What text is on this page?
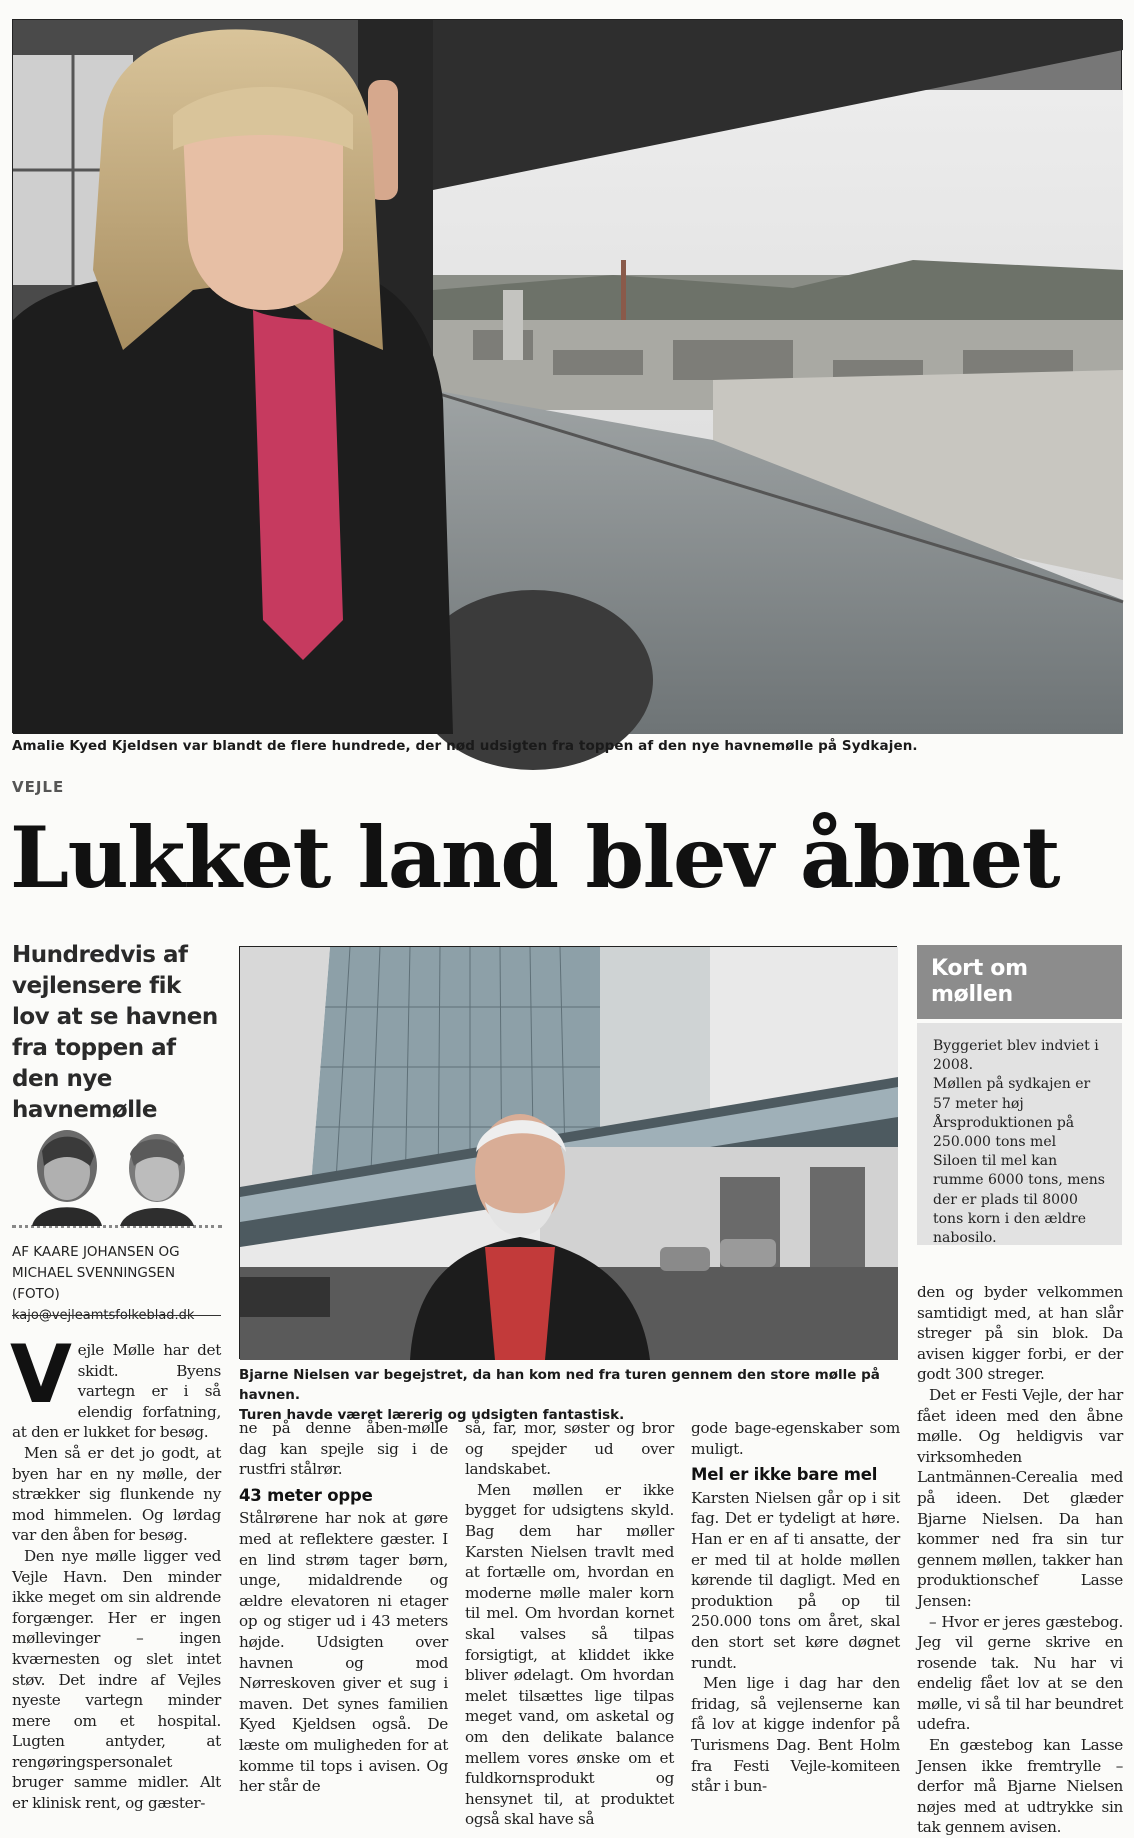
Amalie Kyed Kjeldsen var blandt de flere hundrede, der nød udsigten fra toppen af den nye havnemølle på Sydkajen.
VEJLE
Lukket land blev åbnet
Hundredvis af vejlensere fik lov at se havnen fra toppen af den nye havnemølle
AF KAARE JOHANSEN OG
MICHAEL SVENNINGSEN (FOTO)
kajo@vejleamtsfolkeblad.dk
Bjarne Nielsen var begejstret, da han kom ned fra turen gennem den store mølle på havnen.
Turen havde været lærerig og udsigten fantastisk.
Kort om møllen
Byggeriet blev indviet i 2008.
Møllen på sydkajen er 57 meter høj
Årsproduktionen på 250.000 tons mel
Siloen til mel kan rumme 6000 tons, mens der er plads til 8000 tons korn i den ældre nabosilo.
V ejle Mølle har det skidt. Byens vartegn er i så elendig forfatning, at den er lukket for besøg.

Men så er det jo godt, at byen har en ny mølle, der strækker sig flunkende ny mod himmelen. Og lørdag var den åben for besøg.

Den nye mølle ligger ved Vejle Havn. Den minder ikke meget om sin aldrende forgænger. Her er ingen møllevinger – ingen kværnesten og slet intet støv. Det indre af Vejles nyeste vartegn minder mere om et hospital. Lugten antyder, at rengøringspersonalet bruger samme midler. Alt er klinisk rent, og gæster-

ne på denne åben-mølle dag kan spejle sig i de rustfri stålrør.

43 meter oppe

Stålrørene har nok at gøre med at reflektere gæster. I en lind strøm tager børn, unge, midaldrende og ældre elevatoren ni etager op og stiger ud i 43 meters højde. Udsigten over havnen og mod Nørreskoven giver et sug i maven. Det synes familien Kyed Kjeldsen også. De læste om muligheden for at komme til tops i avisen. Og her står de

så, far, mor, søster og bror og spejder ud over landskabet.

Men møllen er ikke bygget for udsigtens skyld. Bag dem har møller Karsten Nielsen travlt med at fortælle om, hvordan en moderne mølle maler korn til mel. Om hvordan kornet skal valses så tilpas forsigtigt, at kliddet ikke bliver ødelagt. Om hvordan melet tilsættes lige tilpas meget vand, om asketal og om den delikate balance mellem vores ønske om et fuldkornsprodukt og hensynet til, at produktet også skal have så

gode bage-egenskaber som muligt.

Mel er ikke bare mel

Karsten Nielsen går op i sit fag. Det er tydeligt at høre. Han er en af ti ansatte, der er med til at holde møllen kørende til dagligt. Med en produktion på op til 250.000 tons om året, skal den stort set køre døgnet rundt.

Men lige i dag har den fridag, så vejlenserne kan få lov at kigge indenfor på Turismens Dag. Bent Holm fra Festi Vejle-komiteen står i bun-

den og byder velkommen samtidigt med, at han slår streger på sin blok. Da avisen kigger forbi, er der godt 300 streger.

Det er Festi Vejle, der har fået ideen med den åbne mølle. Og heldigvis var virksomheden Lantmännen-Cerealia med på ideen. Det glæder Bjarne Nielsen. Da han kommer ned fra sin tur gennem møllen, takker han produktionschef Lasse Jensen:

– Hvor er jeres gæstebog. Jeg vil gerne skrive en rosende tak. Nu har vi endelig fået lov at se den mølle, vi så til har beundret udefra.

En gæstebog kan Lasse Jensen ikke fremtrylle – derfor må Bjarne Nielsen nøjes med at udtrykke sin tak gennem avisen.
